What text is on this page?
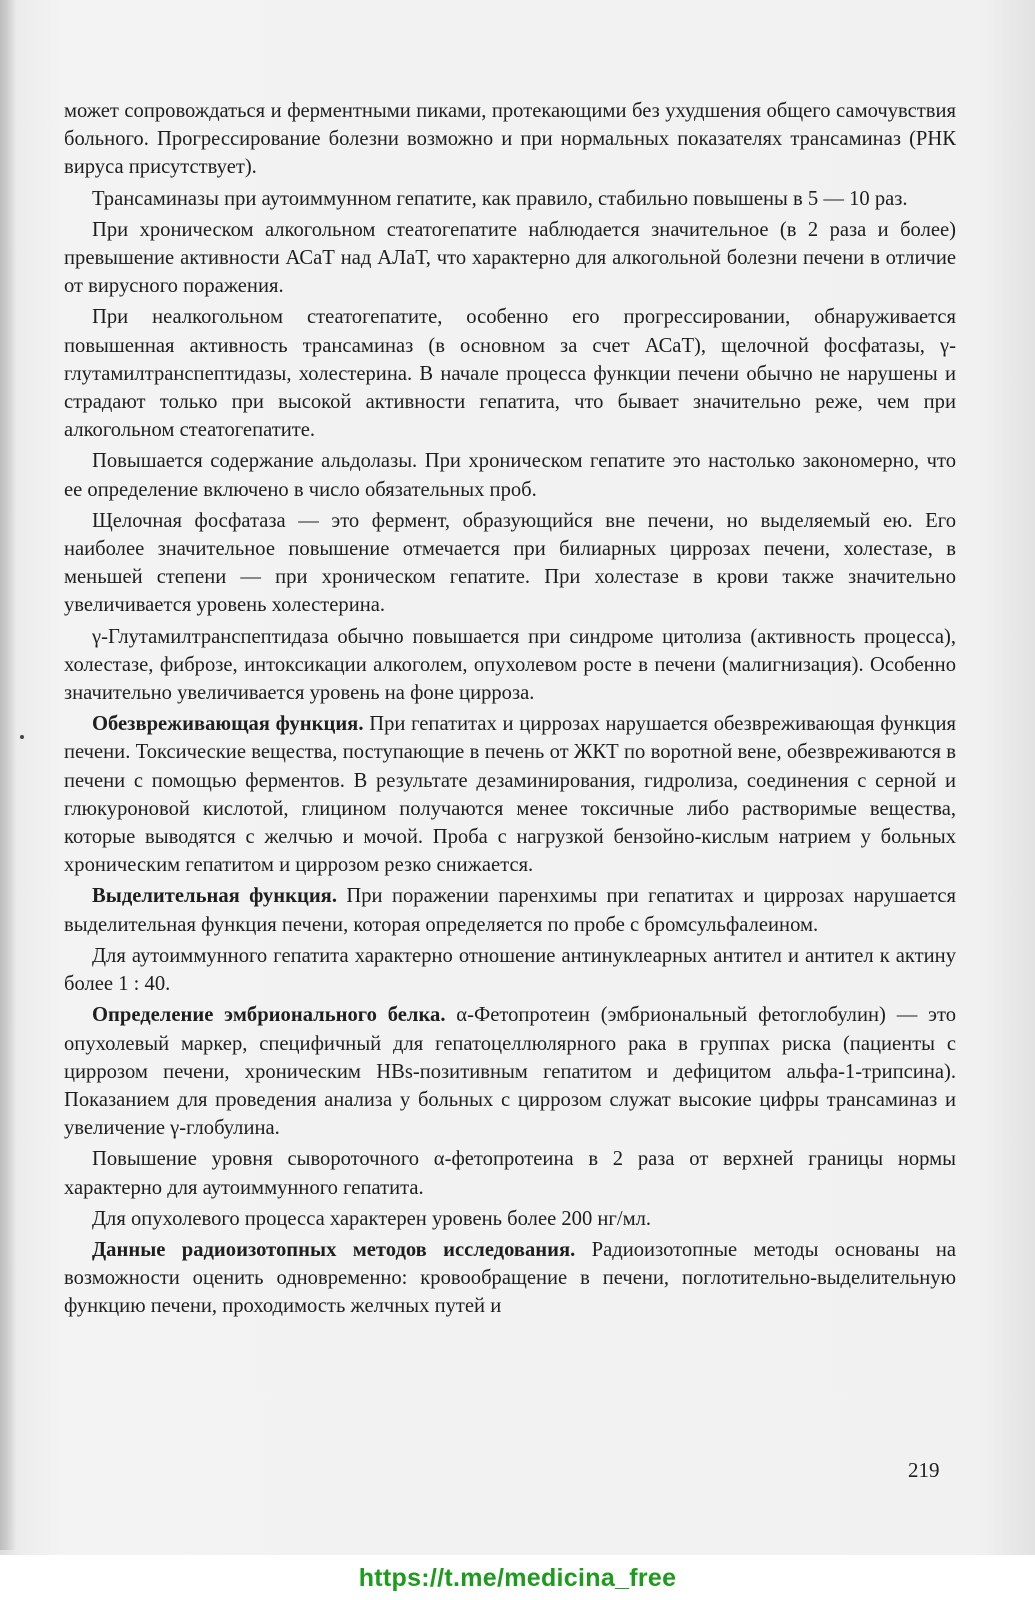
может сопровождаться и ферментными пиками, протекающими без ухудшения общего самочувствия больного. Прогрессирование болезни возможно и при нормальных показателях трансаминаз (РНК вируса присутствует).

Трансаминазы при аутоиммунном гепатите, как правило, стабильно повышены в 5 — 10 раз.

При хроническом алкогольном стеатогепатите наблюдается значительное (в 2 раза и более) превышение активности АСаТ над АЛаТ, что характерно для алкогольной болезни печени в отличие от вирусного поражения.

При неалкогольном стеатогепатите, особенно его прогрессировании, обнаруживается повышенная активность трансаминаз (в основном за счет АСаТ), щелочной фосфатазы, γ-глутамилтранспептидазы, холестерина. В начале процесса функции печени обычно не нарушены и страдают только при высокой активности гепатита, что бывает значительно реже, чем при алкогольном стеатогепатите.

Повышается содержание альдолазы. При хроническом гепатите это настолько закономерно, что ее определение включено в число обязательных проб.

Щелочная фосфатаза — это фермент, образующийся вне печени, но выделяемый ею. Его наиболее значительное повышение отмечается при билиарных циррозах печени, холестазе, в меньшей степени — при хроническом гепатите. При холестазе в крови также значительно увеличивается уровень холестерина.

γ-Глутамилтранспептидаза обычно повышается при синдроме цитолиза (активность процесса), холестазе, фиброзе, интоксикации алкоголем, опухолевом росте в печени (малигнизация). Особенно значительно увеличивается уровень на фоне цирроза.

Обезвреживающая функция. При гепатитах и циррозах нарушается обезвреживающая функция печени. Токсические вещества, поступающие в печень от ЖКТ по воротной вене, обезвреживаются в печени с помощью ферментов. В результате дезаминирования, гидролиза, соединения с серной и глюкуроновой кислотой, глицином получаются менее токсичные либо растворимые вещества, которые выводятся с желчью и мочой. Проба с нагрузкой бензойно-кислым натрием у больных хроническим гепатитом и циррозом резко снижается.

Выделительная функция. При поражении паренхимы при гепатитах и циррозах нарушается выделительная функция печени, которая определяется по пробе с бромсульфалеином.

Для аутоиммунного гепатита характерно отношение антинуклеарных антител и антител к актину более 1 : 40.

Определение эмбрионального белка. α-Фетопротеин (эмбриональный фетоглобулин) — это опухолевый маркер, специфичный для гепатоцеллюлярного рака в группах риска (пациенты с циррозом печени, хроническим HBs-позитивным гепатитом и дефицитом альфа-1-трипсина). Показанием для проведения анализа у больных с циррозом служат высокие цифры трансаминаз и увеличение γ-глобулина.

Повышение уровня сывороточного α-фетопротеина в 2 раза от верхней границы нормы характерно для аутоиммунного гепатита.

Для опухолевого процесса характерен уровень более 200 нг/мл.

Данные радиоизотопных методов исследования. Радиоизотопные методы основаны на возможности оценить одновременно: кровообращение в печени, поглотительно-выделительную функцию печени, проходимость желчных путей и

219
https://t.me/medicina_free
